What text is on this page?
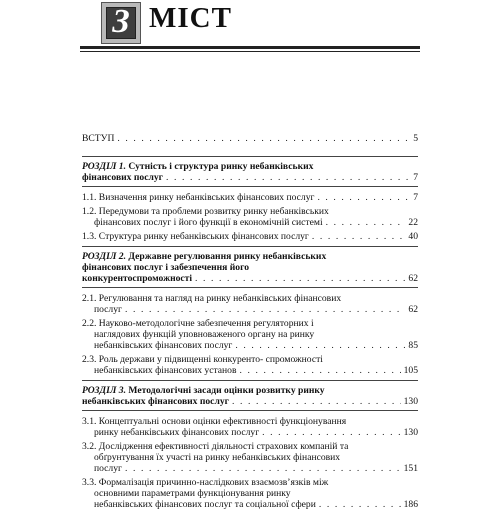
З МІСТ
ВСТУП . . .	5
РОЗДІЛ 1. Сутність і структура ринку небанківських
фінансових послуг . . .	7
1.1. Визначення ринку небанківських фінансових послуг . . .	7
1.2. Передумови та проблеми розвитку ринку небанківських
фінансових послуг і його функції в економічній системі . . .	22
1.3. Структура ринку небанківських фінансових послуг . . .	40
РОЗДІЛ 2. Державне регулювання ринку небанківських
фінансових послуг і забезпечення його
конкурентоспроможності . . .	62
2.1. Регулювання та нагляд на ринку небанківських фінансових
послуг . . .	62
2.2. Науково-методологічне забезпечення регуляторних і
наглядових функцій уповноваженого органу на ринку
небанківських фінансових послуг . . .	85
2.3. Роль держави у підвищенні конкуренто- спроможності
небанківських фінансових установ . . .	105
РОЗДІЛ 3. Методологічні засади оцінки розвитку ринку
небанківських фінансових послуг . . .	130
3.1. Концептуальні основи оцінки ефективності функціонування
ринку небанківських фінансових послуг . . .	130
3.2. Дослідження ефективності діяльності страхових компаній та
обґрунтування їх участі на ринку небанківських фінансових
послуг . . .	151
3.3. Формалізація причинно-наслідкових взаємозв’язків між
основними параметрами функціонування ринку
небанківських фінансових послуг та соціальної сфери . . .	186
